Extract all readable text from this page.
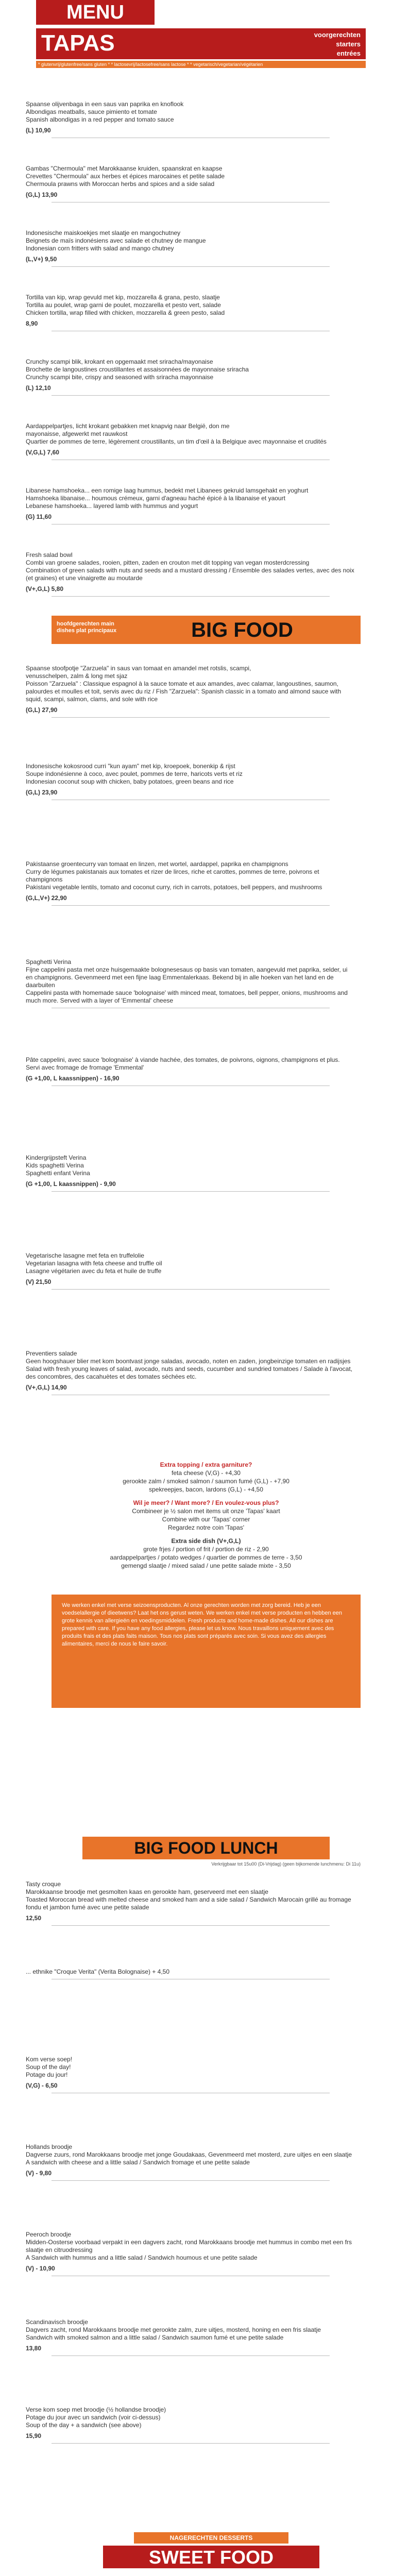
MENU
TAPAS	voorgerechten
starters
entrées
* glutenvrij/glutenfree/sans gluten * * lactosevrij/lactosefree/sans lactose * * vegetarisch/vegetarian/végétarien

Spaanse olijvenbaga in een saus van paprika en knoflook

Albondigas meatballs, sauce pimiento et tomate

Spanish albondigas in a red pepper and tomato sauce

(L) 10,90

Gambas "Chermoula" met Marokkaanse kruiden, spaanskrat en kaapse

Crevettes "Chermoula" aux herbes et épices marocaines et petite salade

Chermoula prawns with Moroccan herbs and spices and a side salad

(G,L) 13,90

Indonesische maiskoekjes met slaatje en mangochutney

Beignets de maïs indonésiens avec salade et chutney de mangue

Indonesian corn fritters with salad and mango chutney

(L,V+) 9,50

Tortilla van kip, wrap gevuld met kip, mozzarella & grana, pesto, slaatje

Tortilla au poulet, wrap garni de poulet, mozzarella et pesto vert, salade

Chicken tortilla, wrap filled with chicken, mozzarella & green pesto, salad

8,90

Crunchy scampi blik, krokant en opgemaakt met sriracha/mayonaise

Brochette de langoustines croustillantes et assaisonnées de mayonnaise sriracha

Crunchy scampi bite, crispy and seasoned with sriracha mayonnaise

(L) 12,10

Aardappelpartjes, licht krokant gebakken met knapvig naar België, don me

mayonaisse, afgewerkt met rauwkost

Quartier de pommes de terre, légèrement croustillants, un tim d'œil à la Belgique avec mayonnaise et crudités

(V,G,L) 7,60

Libanese hamshoeka... een romige laag hummus, bedekt met Libanees gekruid lamsgehakt en yoghurt

Hamshoeka libanaise... houmous crémeux, garni d'agneau haché épicé à la libanaise et yaourt

Lebanese hamshoeka... layered lamb with hummus and yogurt

(G) 11,60

Fresh salad bowl

Combi van groene salades, rooien, pitten, zaden en crouton met dit topping van vegan mosterdcressing

Combination of green salads with nuts and seeds and a mustard dressing / Ensemble des salades vertes, avec des noix (et graines) et une vinaigrette au moutarde

(V+,G,L) 5,80

hoofdgerechten main dishes plat principaux	BIG FOOD

Spaanse stoofpotje "Zarzuela" in saus van tomaat en amandel met rotslis, scampi,

venusschelpen, zalm & long met sjaz

Poisson "Zarzuela" : Classique espagnol à la sauce tomate et aux amandes, avec calamar, langoustines, saumon, palourdes et moulles et toit, servis avec du riz / Fish "Zarzuela": Spanish classic in a tomato and almond sauce with squid, scampi, salmon, clams, and sole with rice

(G,L) 27,90

Indonesische kokosrood curri "kun ayam" met kip, kroepoek, bonenkip & rijst

Soupe indonésienne à coco, avec poulet, pommes de terre, haricots verts et riz

Indonesian coconut soup with chicken, baby potatoes, green beans and rice

(G,L) 23,90

Pakistaanse groentecurry van tomaat en linzen, met wortel, aardappel, paprika en champignons

Curry de légumes pakistanais aux tomates et rizer de lirces, riche et carottes, pommes de terre, poivrons et champignons

Pakistani vegetable lentils, tomato and coconut curry, rich in carrots, potatoes, bell peppers, and mushrooms

(G,L,V+) 22,90

Spaghetti Verina

Fijne cappelini pasta met onze huisgemaakte bolognesesaus op basis van tomaten, aangevuld met paprika, selder, ui en champignons. Gevenmeerd met een fijne laag Emmentalerkaas. Bekend bij in alle hoeken van het land en de daarbuiten

Cappelini pasta with homemade sauce 'bolognaise' with minced meat, tomatoes, bell pepper, onions, mushrooms and much more. Served with a layer of 'Emmental' cheese

Pâte cappelini, avec sauce 'bolognaise' à viande hachée, des tomates, de poivrons, oignons, champignons et plus. Servi avec fromage de fromage 'Emmental'

(G +1,00, L kaassnippen) - 16,90

Kindergrijpsteft Verina

Kids spaghetti Verina

Spaghetti enfant Verina

(G +1,00, L kaassnippen) - 9,90

Vegetarische lasagne met feta en truffelolie

Vegetarian lasagna with feta cheese and truffle oil

Lasagne végétarien avec du feta et huile de truffe

(V) 21,50

Preventiers salade

Geen hoogshauer blier met kom boontvast jonge saladas, avocado, noten en zaden, jongbeinzige tomaten en radijsjes

Salad with fresh young leaves of salad, avocado, nuts and seeds, cucumber and sundried tomatoes / Salade à l'avocat, des concombres, des cacahuètes et des tomates séchées etc.

(V+,G,L) 14,90

Extra topping / extra garniture?
feta cheese (V,G) - +4,30
gerookte zalm / smoked salmon / saumon fumé (G,L) - +7,90
spekreepjes, bacon, lardons (G,L) - +4,50
Wil je meer? / Want more? / En voulez-vous plus?
Combineer je ½ salon met items uit onze 'Tapas' kaart
Combine with our 'Tapas' corner
Regardez notre coin 'Tapas'
Extra side dish (V+,G,L)
grote frjes / portion of frit / portion de riz - 2,90
aardappelpartjes / potato wedges / quartier de pommes de terre - 3,50
gemengd slaatje / mixed salad / une petite salade mixte - 3,50
We werken enkel met verse seizoensproducten. Al onze gerechten worden met zorg bereid. Heb je een voedselallergie of dieetwens? Laat het ons gerust weten. We werken enkel met verse producten en hebben een grote kennis van allergieën en voedingsmiddelen. Fresh products and home-made dishes. All our dishes are prepared with care. If you have any food allergies, please let us know. Nous travaillons uniquement avec des produits frais et des plats faits maison. Tous nos plats sont préparés avec soin. Si vous avez des allergies alimentaires, merci de nous le faire savoir.
BIG FOOD LUNCH
Verkrijgbaar tot 15u00 (Di-Vrijdag) (geen bijkomende lunchmenu: Di 11u)

Tasty croque

Marokkaanse broodje met gesmolten kaas en gerookte ham, geserveerd met een slaatje

Toasted Moroccan bread with melted cheese and smoked ham and a side salad / Sandwich Marocain grillé au fromage fondu et jambon fumé avec une petite salade

12,50

... ethnike "Croque Verita" (Verita Bolognaise) + 4,50

Kom verse soep!

Soup of the day!

Potage du jour!

(V,G) - 6,50

Hollands broodje

Dagverse zuurs, rond Marokkaans broodje met jonge Goudakaas, Gevenmeerd met mosterd, zure uitjes en een slaatje

A sandwich with cheese and a little salad / Sandwich fromage et une petite salade

(V) - 9,80

Peeroch broodje

Midden-Oosterse voorbaad verpakt in een dagvers zacht, rond Marokkaans broodje met hummus in combo met een frs slaatje en citruodressing

A Sandwich with hummus and a little salad / Sandwich houmous et une petite salade

(V) - 10,90

Scandinavisch broodje

Dagvers zacht, rond Marokkaans broodje met gerookte zalm, zure uitjes, mosterd, honing en een fris slaatje

Sandwich with smoked salmon and a little salad / Sandwich saumon fumé et une petite salade

13,80

Verse kom soep met broodje (½ hollandse broodje)

Potage du jour avec un sandwich (voir ci-dessus)

Soup of the day + a sandwich (see above)

15,90

NAGERECHTEN DESSERTS
SWEET FOOD
